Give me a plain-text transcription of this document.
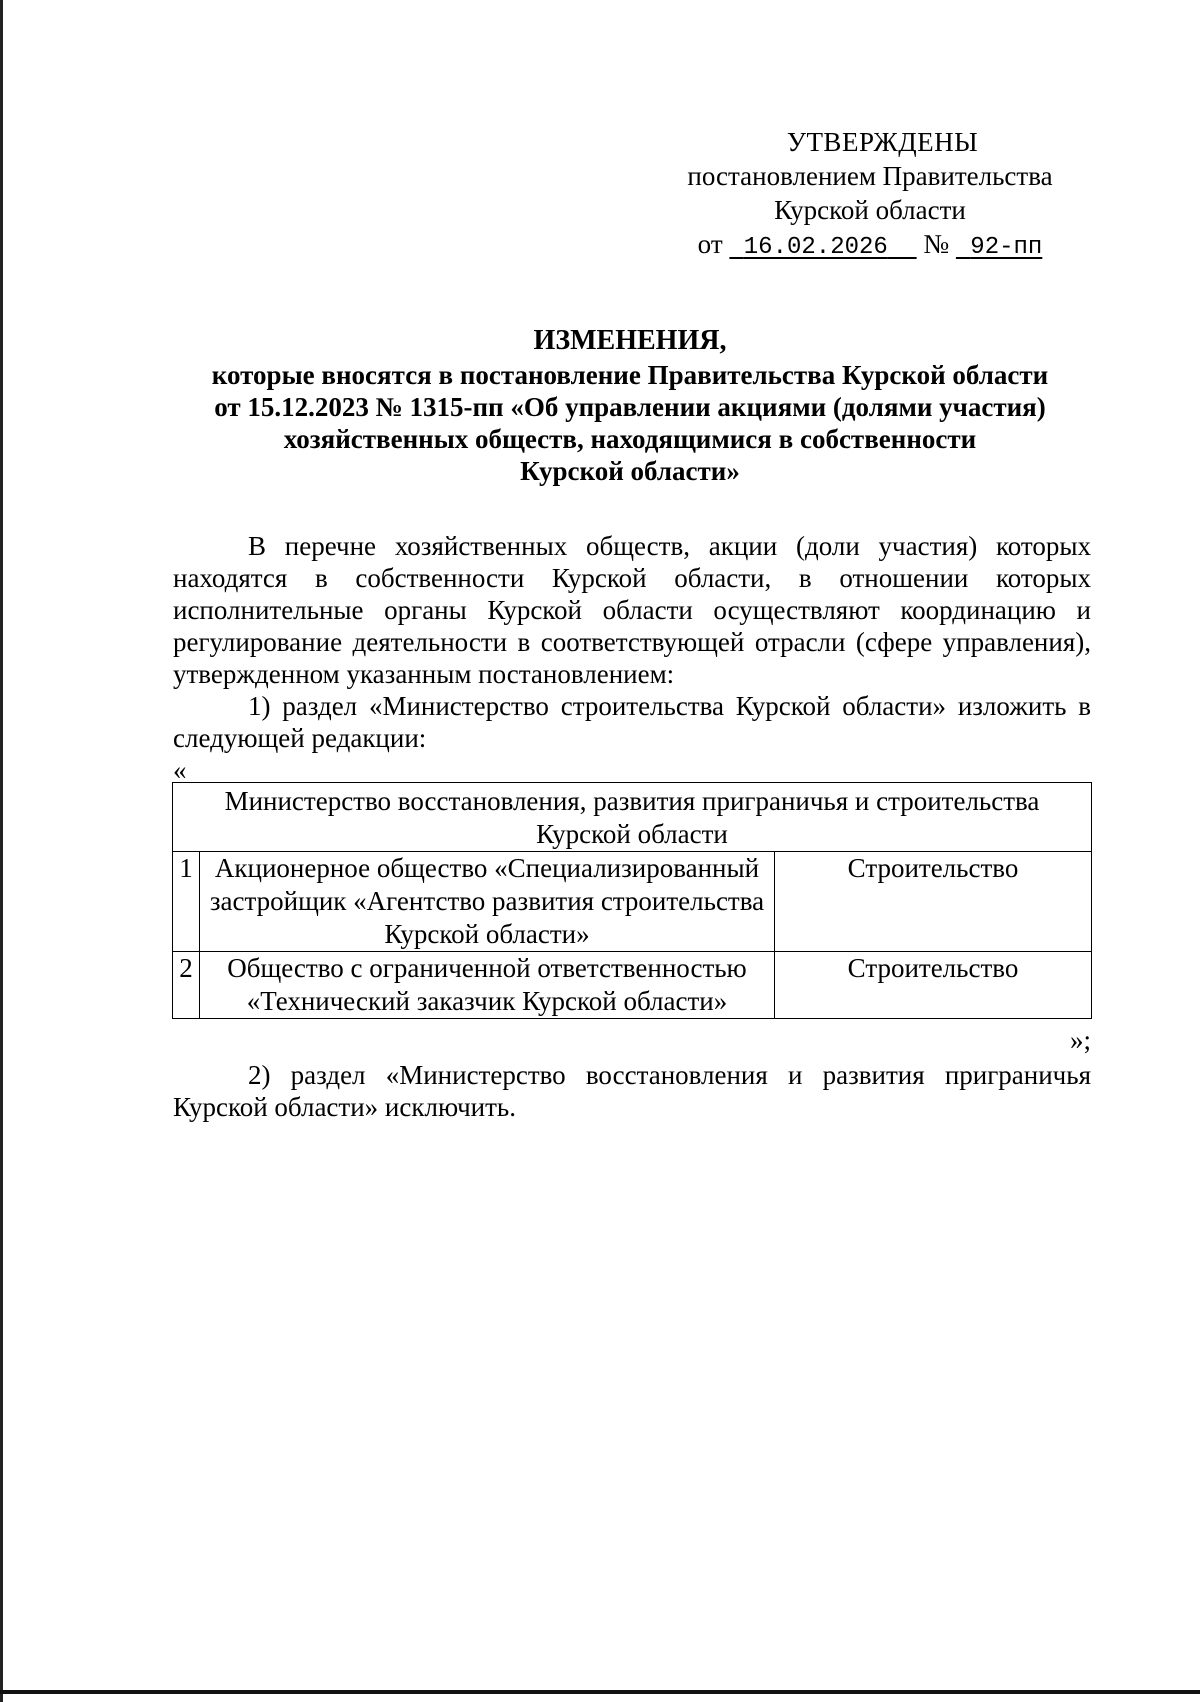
УТВЕРЖДЕНЫ
постановлением Правительства
Курской области
от 16.02.2026 № 92-пп
ИЗМЕНЕНИЯ,
которые вносятся в постановление Правительства Курской области
от 15.12.2023 № 1315-пп «Об управлении акциями (долями участия)
хозяйственных обществ, находящимися в собственности
Курской области»

В перечне хозяйственных обществ, акции (доли участия) которых находятся в собственности Курской области, в отношении которых исполнительные органы Курской области осуществляют координацию и регулирование деятельности в соответствующей отрасли (сфере управления), утвержденном указанным постановлением:

1) раздел «Министерство строительства Курской области» изложить в следующей редакции:

«
Министерство восстановления, развития приграничья и строительства Курской области		
1	Акционерное общество «Специализированный застройщик «Агентство развития строительства Курской области»	Строительство
2	Общество с ограниченной ответственностью «Технический заказчик Курской области»	Строительство
»;

2) раздел «Министерство восстановления и развития приграничья Курской области» исключить.
